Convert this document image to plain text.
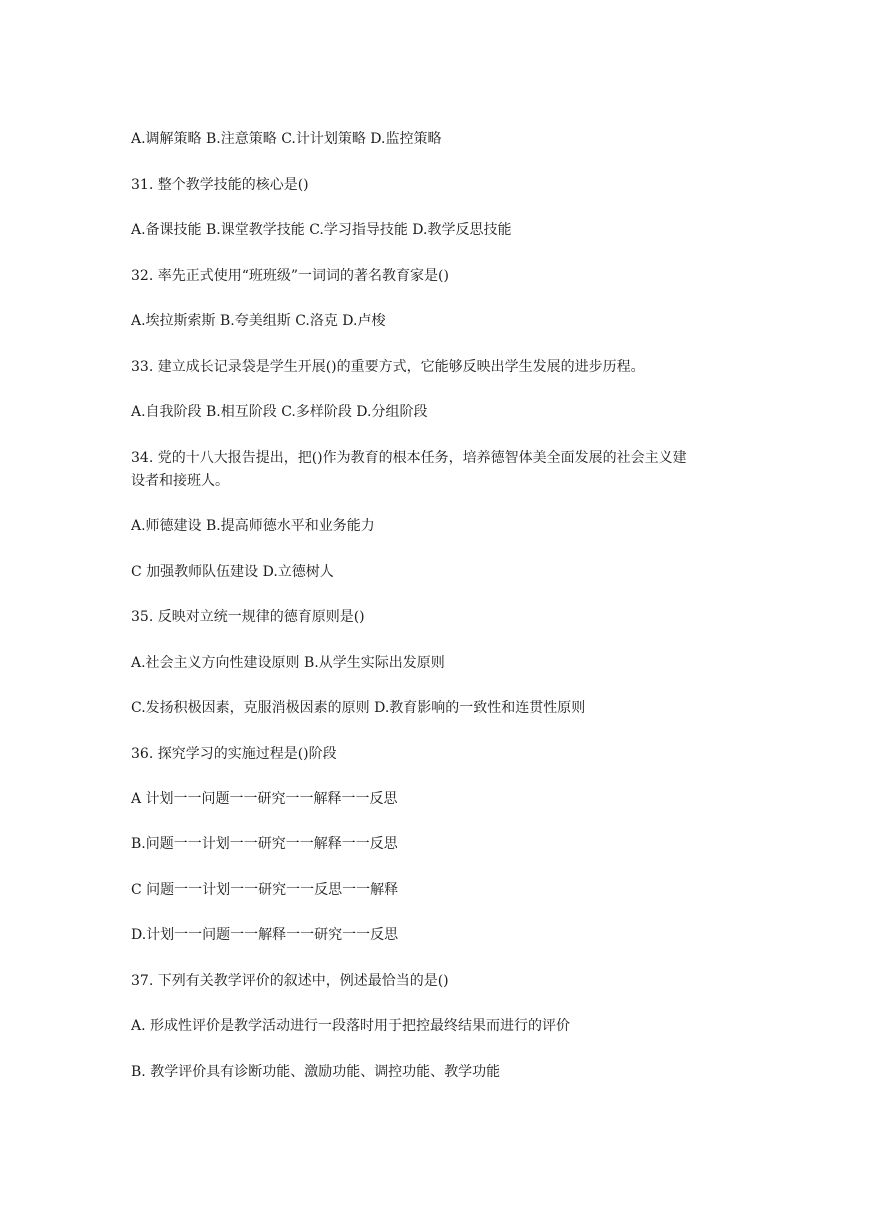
A.调解策略 B.注意策略 C.计计划策略 D.监控策略
31. 整个教学技能的核心是()
A.备课技能 B.课堂教学技能 C.学习指导技能 D.教学反思技能
32. 率先正式使用“班班级”一词词的著名教育家是()
A.埃拉斯索斯 B.夸美组斯 C.洛克 D.卢梭
33. 建立成长记录袋是学生开展()的重要方式，它能够反映出学生发展的进步历程。
A.自我阶段 B.相互阶段 C.多样阶段 D.分组阶段
34. 党的十八大报告提出，把()作为教育的根本任务，培养德智体美全面发展的社会主义建
设者和接班人。
A.师德建设 B.提高师德水平和业务能力
C 加强教师队伍建设 D.立德树人
35. 反映对立统一规律的德育原则是()
A.社会主义方向性建设原则 B.从学生实际出发原则
C.发扬积极因素，克服消极因素的原则 D.教育影响的一致性和连贯性原则
36. 探究学习的实施过程是()阶段
A 计划一一问题一一研究一一解释一一反思
B.问题一一计划一一研究一一解释一一反思
C 问题一一计划一一研究一一反思一一解释
D.计划一一问题一一解释一一研究一一反思
37. 下列有关教学评价的叙述中，例述最恰当的是()
A. 形成性评价是教学活动进行一段落时用于把控最终结果而进行的评价
B. 教学评价具有诊断功能、激励功能、调控功能、教学功能
